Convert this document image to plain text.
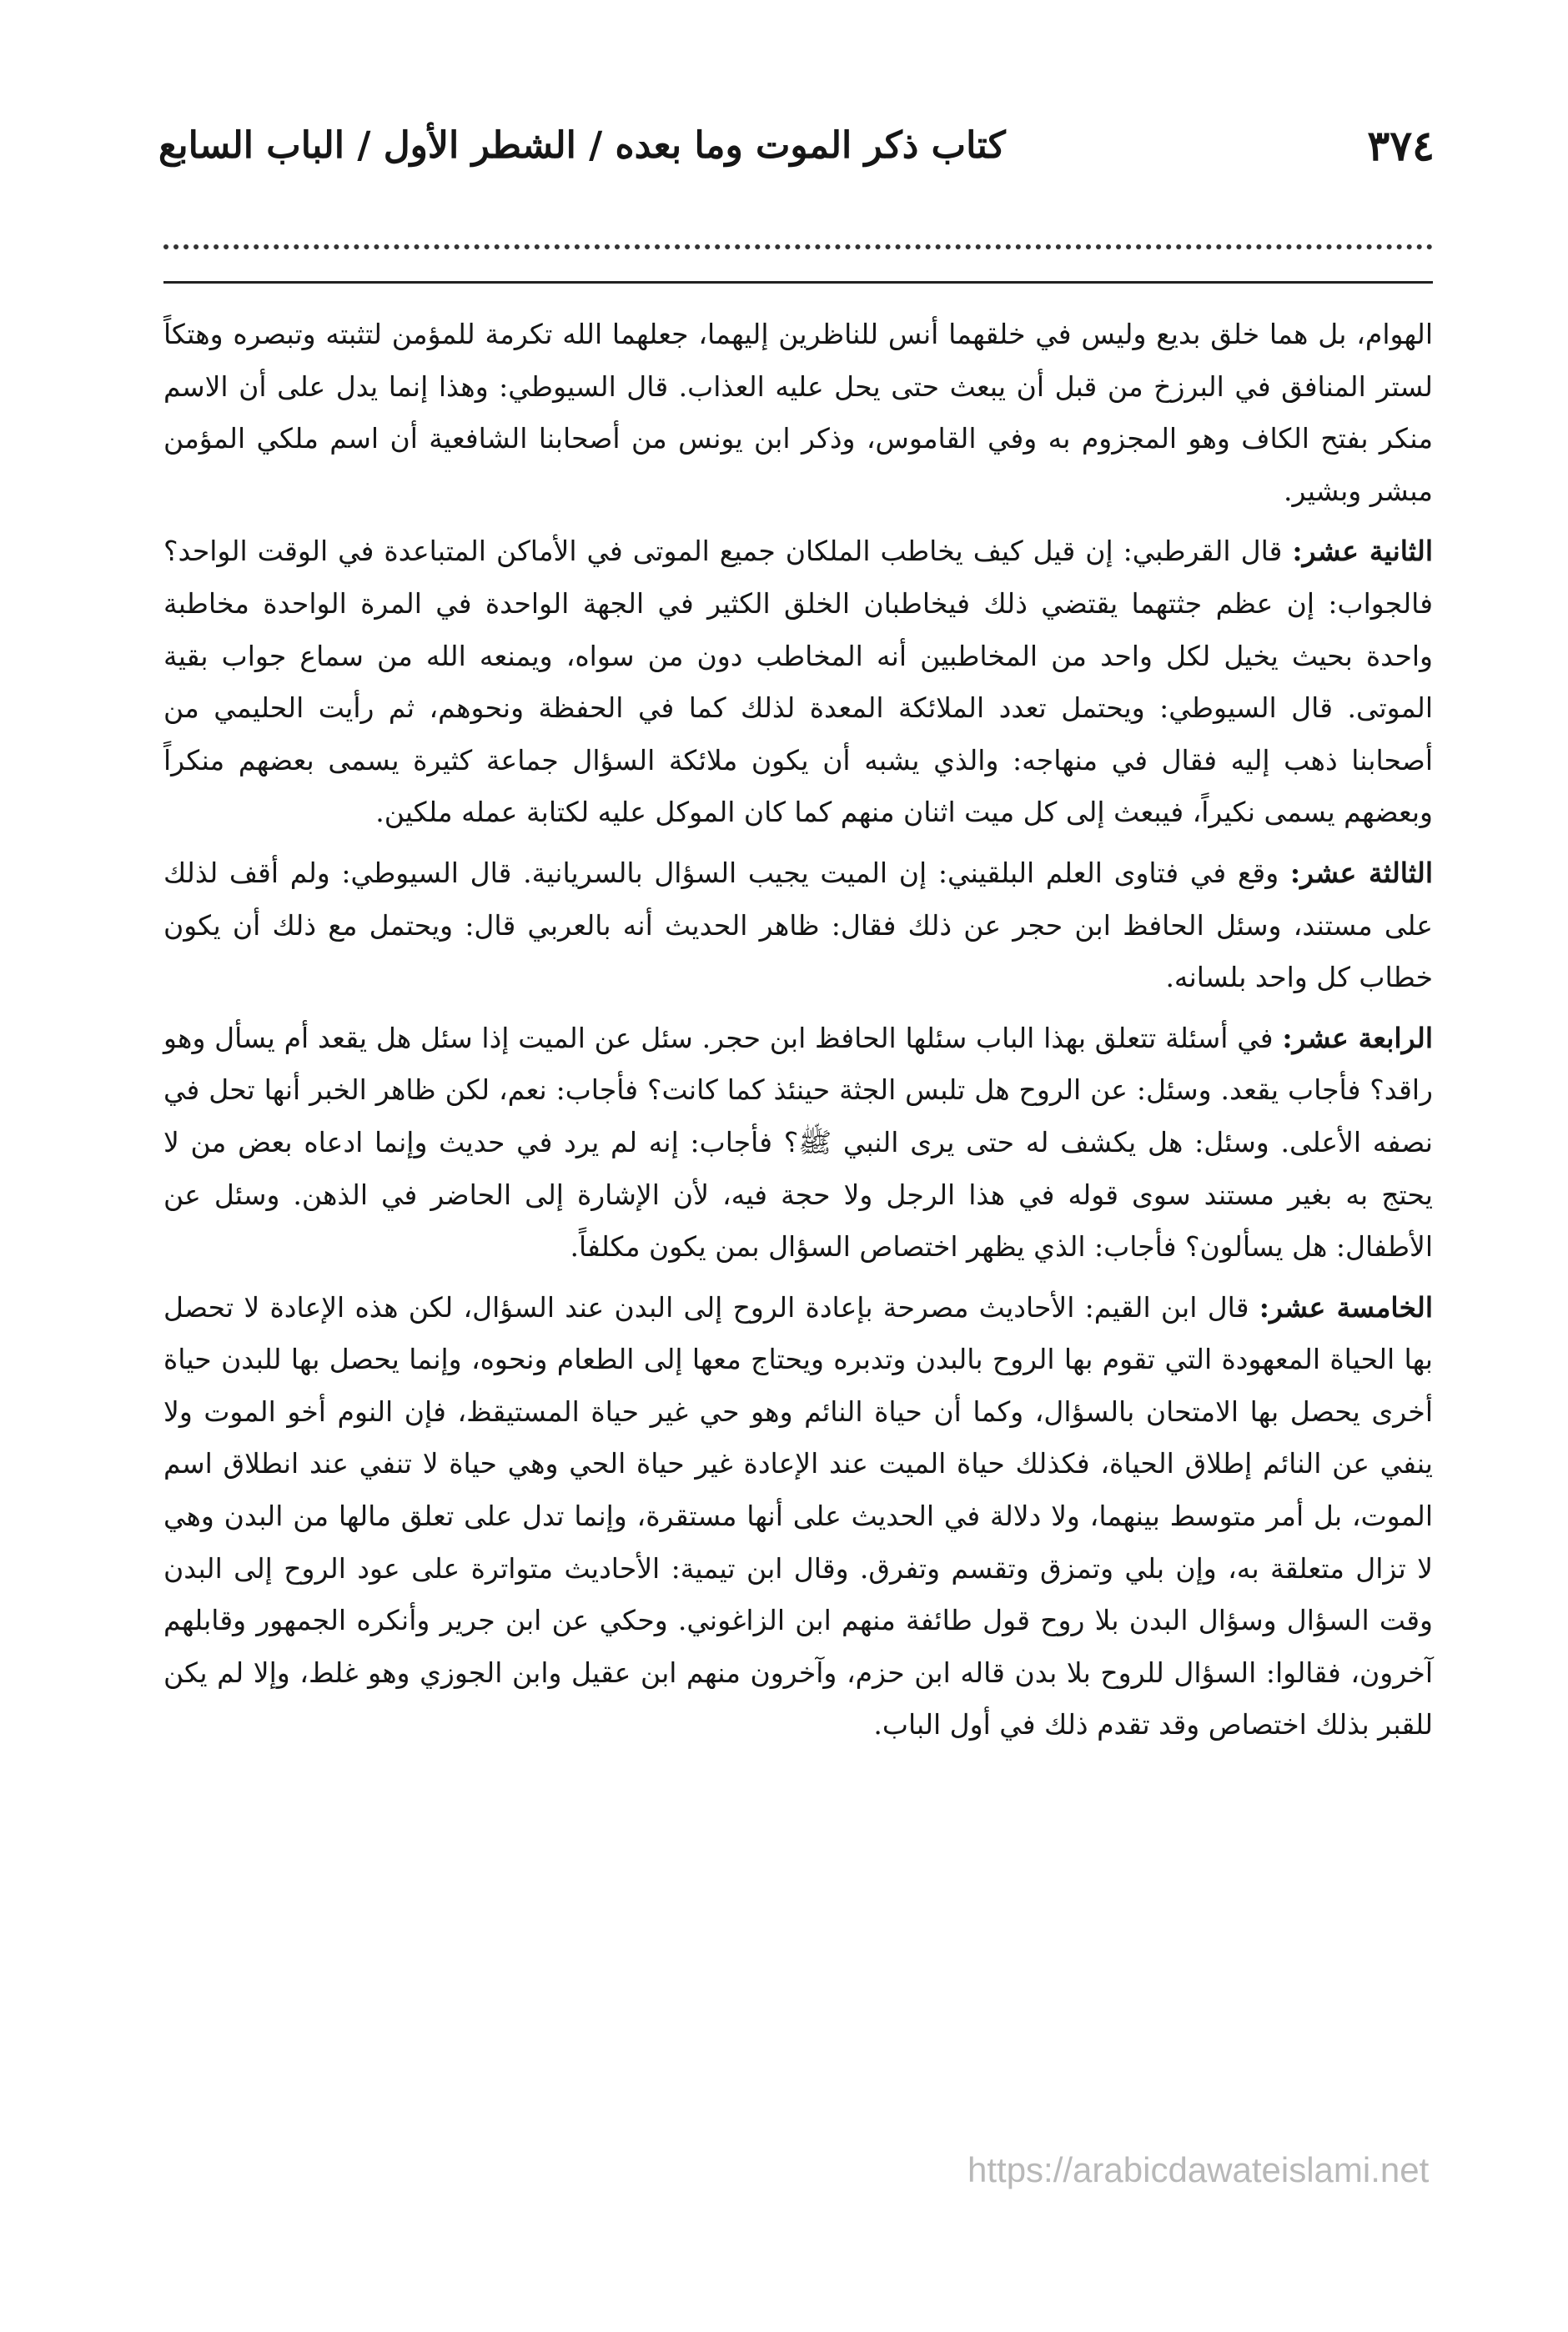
٣٧٤
كتاب ذكر الموت وما بعده / الشطر الأول / الباب السابع

الهوام، بل هما خلق بديع وليس في خلقهما أنس للناظرين إليهما، جعلهما الله تكرمة للمؤمن لتثبته وتبصره وهتكاً لستر المنافق في البرزخ من قبل أن يبعث حتى يحل عليه العذاب. قال السيوطي: وهذا إنما يدل على أن الاسم منكر بفتح الكاف وهو المجزوم به وفي القاموس، وذكر ابن يونس من أصحابنا الشافعية أن اسم ملكي المؤمن مبشر وبشير.

الثانية عشر: قال القرطبي: إن قيل كيف يخاطب الملكان جميع الموتى في الأماكن المتباعدة في الوقت الواحد؟ فالجواب: إن عظم جثتهما يقتضي ذلك فيخاطبان الخلق الكثير في الجهة الواحدة في المرة الواحدة مخاطبة واحدة بحيث يخيل لكل واحد من المخاطبين أنه المخاطب دون من سواه، ويمنعه الله من سماع جواب بقية الموتى. قال السيوطي: ويحتمل تعدد الملائكة المعدة لذلك كما في الحفظة ونحوهم، ثم رأيت الحليمي من أصحابنا ذهب إليه فقال في منهاجه: والذي يشبه أن يكون ملائكة السؤال جماعة كثيرة يسمى بعضهم منكراً وبعضهم يسمى نكيراً، فيبعث إلى كل ميت اثنان منهم كما كان الموكل عليه لكتابة عمله ملكين.

الثالثة عشر: وقع في فتاوى العلم البلقيني: إن الميت يجيب السؤال بالسريانية. قال السيوطي: ولم أقف لذلك على مستند، وسئل الحافظ ابن حجر عن ذلك فقال: ظاهر الحديث أنه بالعربي قال: ويحتمل مع ذلك أن يكون خطاب كل واحد بلسانه.

الرابعة عشر: في أسئلة تتعلق بهذا الباب سئلها الحافظ ابن حجر. سئل عن الميت إذا سئل هل يقعد أم يسأل وهو راقد؟ فأجاب يقعد. وسئل: عن الروح هل تلبس الجثة حينئذ كما كانت؟ فأجاب: نعم، لكن ظاهر الخبر أنها تحل في نصفه الأعلى. وسئل: هل يكشف له حتى يرى النبي ﷺ؟ فأجاب: إنه لم يرد في حديث وإنما ادعاه بعض من لا يحتج به بغير مستند سوى قوله في هذا الرجل ولا حجة فيه، لأن الإشارة إلى الحاضر في الذهن. وسئل عن الأطفال: هل يسألون؟ فأجاب: الذي يظهر اختصاص السؤال بمن يكون مكلفاً.

الخامسة عشر: قال ابن القيم: الأحاديث مصرحة بإعادة الروح إلى البدن عند السؤال، لكن هذه الإعادة لا تحصل بها الحياة المعهودة التي تقوم بها الروح بالبدن وتدبره ويحتاج معها إلى الطعام ونحوه، وإنما يحصل بها للبدن حياة أخرى يحصل بها الامتحان بالسؤال، وكما أن حياة النائم وهو حي غير حياة المستيقظ، فإن النوم أخو الموت ولا ينفي عن النائم إطلاق الحياة، فكذلك حياة الميت عند الإعادة غير حياة الحي وهي حياة لا تنفي عند انطلاق اسم الموت، بل أمر متوسط بينهما، ولا دلالة في الحديث على أنها مستقرة، وإنما تدل على تعلق مالها من البدن وهي لا تزال متعلقة به، وإن بلي وتمزق وتقسم وتفرق. وقال ابن تيمية: الأحاديث متواترة على عود الروح إلى البدن وقت السؤال وسؤال البدن بلا روح قول طائفة منهم ابن الزاغوني. وحكي عن ابن جرير وأنكره الجمهور وقابلهم آخرون، فقالوا: السؤال للروح بلا بدن قاله ابن حزم، وآخرون منهم ابن عقيل وابن الجوزي وهو غلط، وإلا لم يكن للقبر بذلك اختصاص وقد تقدم ذلك في أول الباب.

https://arabicdawateislami.net
